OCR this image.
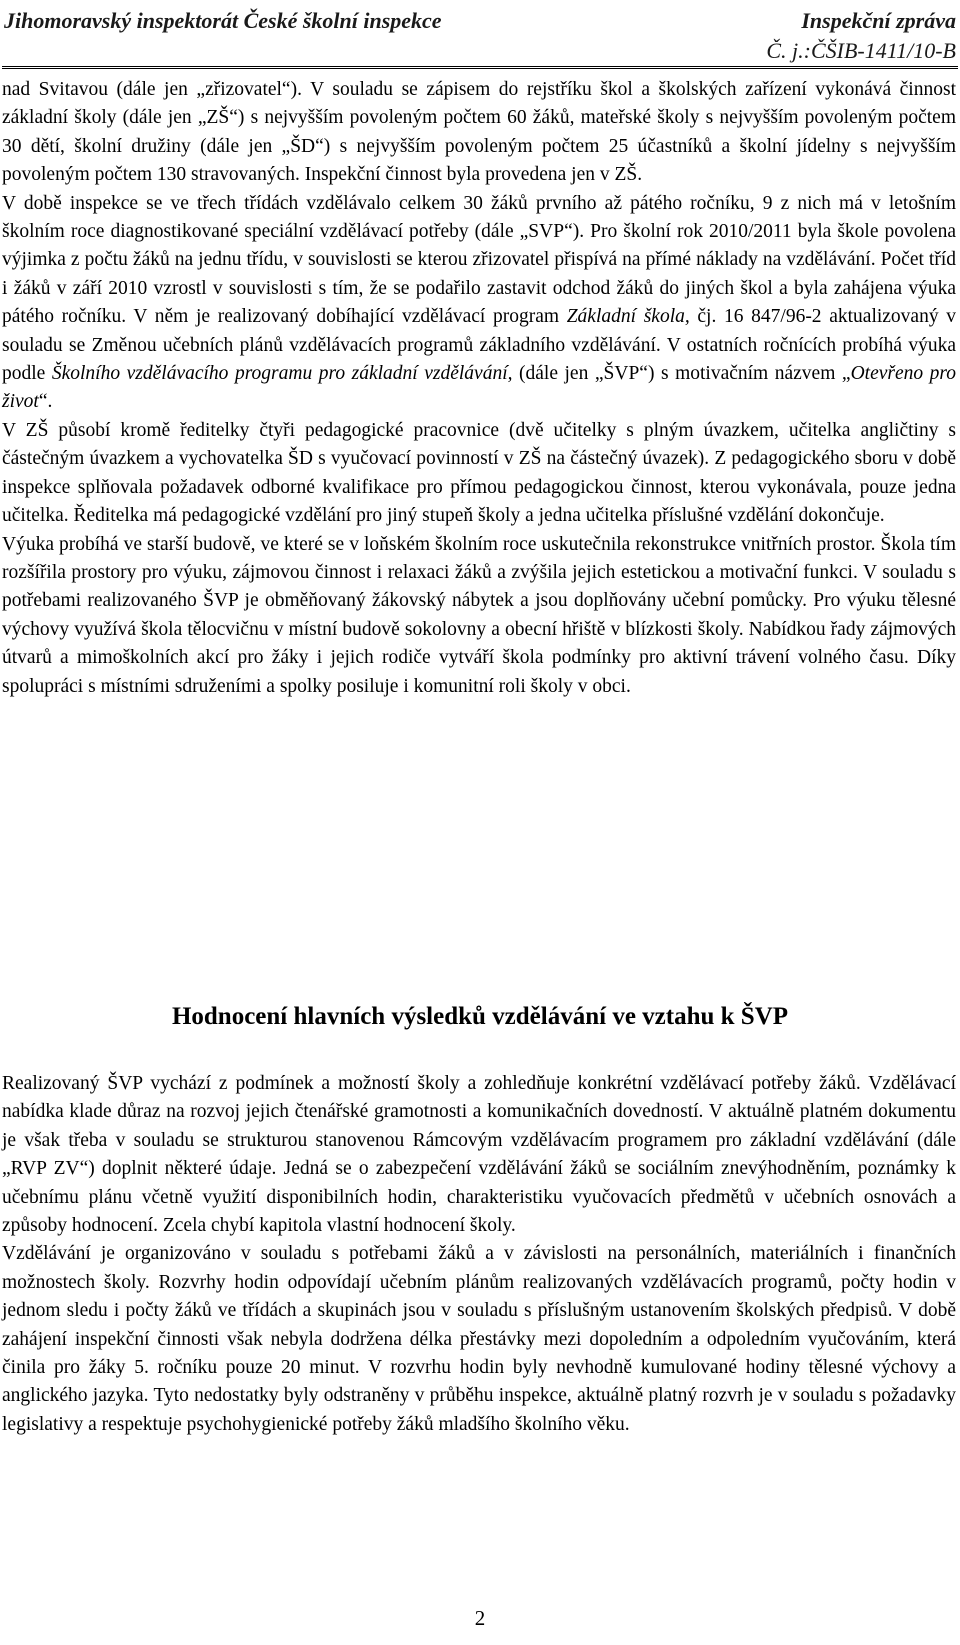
Jihomoravský inspektorát České školní inspekce	Inspekční zpráva
Č. j.:ČŠIB-1411/10-B

nad Svitavou (dále jen „zřizovatel“). V souladu se zápisem do rejstříku škol a školských zařízení vykonává činnost základní školy (dále jen „ZŠ“) s nejvyšším povoleným počtem 60 žáků, mateřské školy s nejvyšším povoleným počtem 30 dětí, školní družiny (dále jen „ŠD“) s nejvyšším povoleným počtem 25 účastníků a školní jídelny s nejvyšším povoleným počtem 130 stravovaných. Inspekční činnost byla provedena jen v ZŠ.

V době inspekce se ve třech třídách vzdělávalo celkem 30 žáků prvního až pátého ročníku, 9 z nich má v letošním školním roce diagnostikované speciální vzdělávací potřeby (dále „SVP“). Pro školní rok 2010/2011 byla škole povolena výjimka z počtu žáků na jednu třídu, v souvislosti se kterou zřizovatel přispívá na přímé náklady na vzdělávání. Počet tříd i žáků v září 2010 vzrostl v souvislosti s tím, že se podařilo zastavit odchod žáků do jiných škol a byla zahájena výuka pátého ročníku. V něm je realizovaný dobíhající vzdělávací program Základní škola, čj. 16 847/96-2 aktualizovaný v souladu se Změnou učebních plánů vzdělávacích programů základního vzdělávání. V ostatních ročnících probíhá výuka podle Školního vzdělávacího programu pro základní vzdělávání, (dále jen „ŠVP“) s motivačním názvem „Otevřeno pro život“.

V ZŠ působí kromě ředitelky čtyři pedagogické pracovnice (dvě učitelky s plným úvazkem, učitelka angličtiny s částečným úvazkem a vychovatelka ŠD s vyučovací povinností v ZŠ na částečný úvazek). Z pedagogického sboru v době inspekce splňovala požadavek odborné kvalifikace pro přímou pedagogickou činnost, kterou vykonávala, pouze jedna učitelka. Ředitelka má pedagogické vzdělání pro jiný stupeň školy a jedna učitelka příslušné vzdělání dokončuje.

Výuka probíhá ve starší budově, ve které se v loňském školním roce uskutečnila rekonstrukce vnitřních prostor. Škola tím rozšířila prostory pro výuku, zájmovou činnost i relaxaci žáků a zvýšila jejich estetickou a motivační funkci. V souladu s potřebami realizovaného ŠVP je obměňovaný žákovský nábytek a jsou doplňovány učební pomůcky. Pro výuku tělesné výchovy využívá škola tělocvičnu v místní budově sokolovny a obecní hřiště v blízkosti školy. Nabídkou řady zájmových útvarů a mimoškolních akcí pro žáky i jejich rodiče vytváří škola podmínky pro aktivní trávení volného času. Díky spolupráci s místními sdruženími a spolky posiluje i komunitní roli školy v obci.

Hodnocení hlavních výsledků vzdělávání ve vztahu k ŠVP

Realizovaný ŠVP vychází z podmínek a možností školy a zohledňuje konkrétní vzdělávací potřeby žáků. Vzdělávací nabídka klade důraz na rozvoj jejich čtenářské gramotnosti a komunikačních dovedností. V aktuálně platném dokumentu je však třeba v souladu se strukturou stanovenou Rámcovým vzdělávacím programem pro základní vzdělávání (dále „RVP ZV“) doplnit některé údaje. Jedná se o zabezpečení vzdělávání žáků se sociálním znevýhodněním, poznámky k učebnímu plánu včetně využití disponibilních hodin, charakteristiku vyučovacích předmětů v učebních osnovách a způsoby hodnocení. Zcela chybí kapitola vlastní hodnocení školy.

Vzdělávání je organizováno v souladu s potřebami žáků a v závislosti na personálních, materiálních i finančních možnostech školy. Rozvrhy hodin odpovídají učebním plánům realizovaných vzdělávacích programů, počty hodin v jednom sledu i počty žáků ve třídách a skupinách jsou v souladu s příslušným ustanovením školských předpisů. V době zahájení inspekční činnosti však nebyla dodržena délka přestávky mezi dopoledním a odpoledním vyučováním, která činila pro žáky 5. ročníku pouze 20 minut. V rozvrhu hodin byly nevhodně kumulované hodiny tělesné výchovy a anglického jazyka. Tyto nedostatky byly odstraněny v průběhu inspekce, aktuálně platný rozvrh je v souladu s požadavky legislativy a respektuje psychohygienické potřeby žáků mladšího školního věku.

2
